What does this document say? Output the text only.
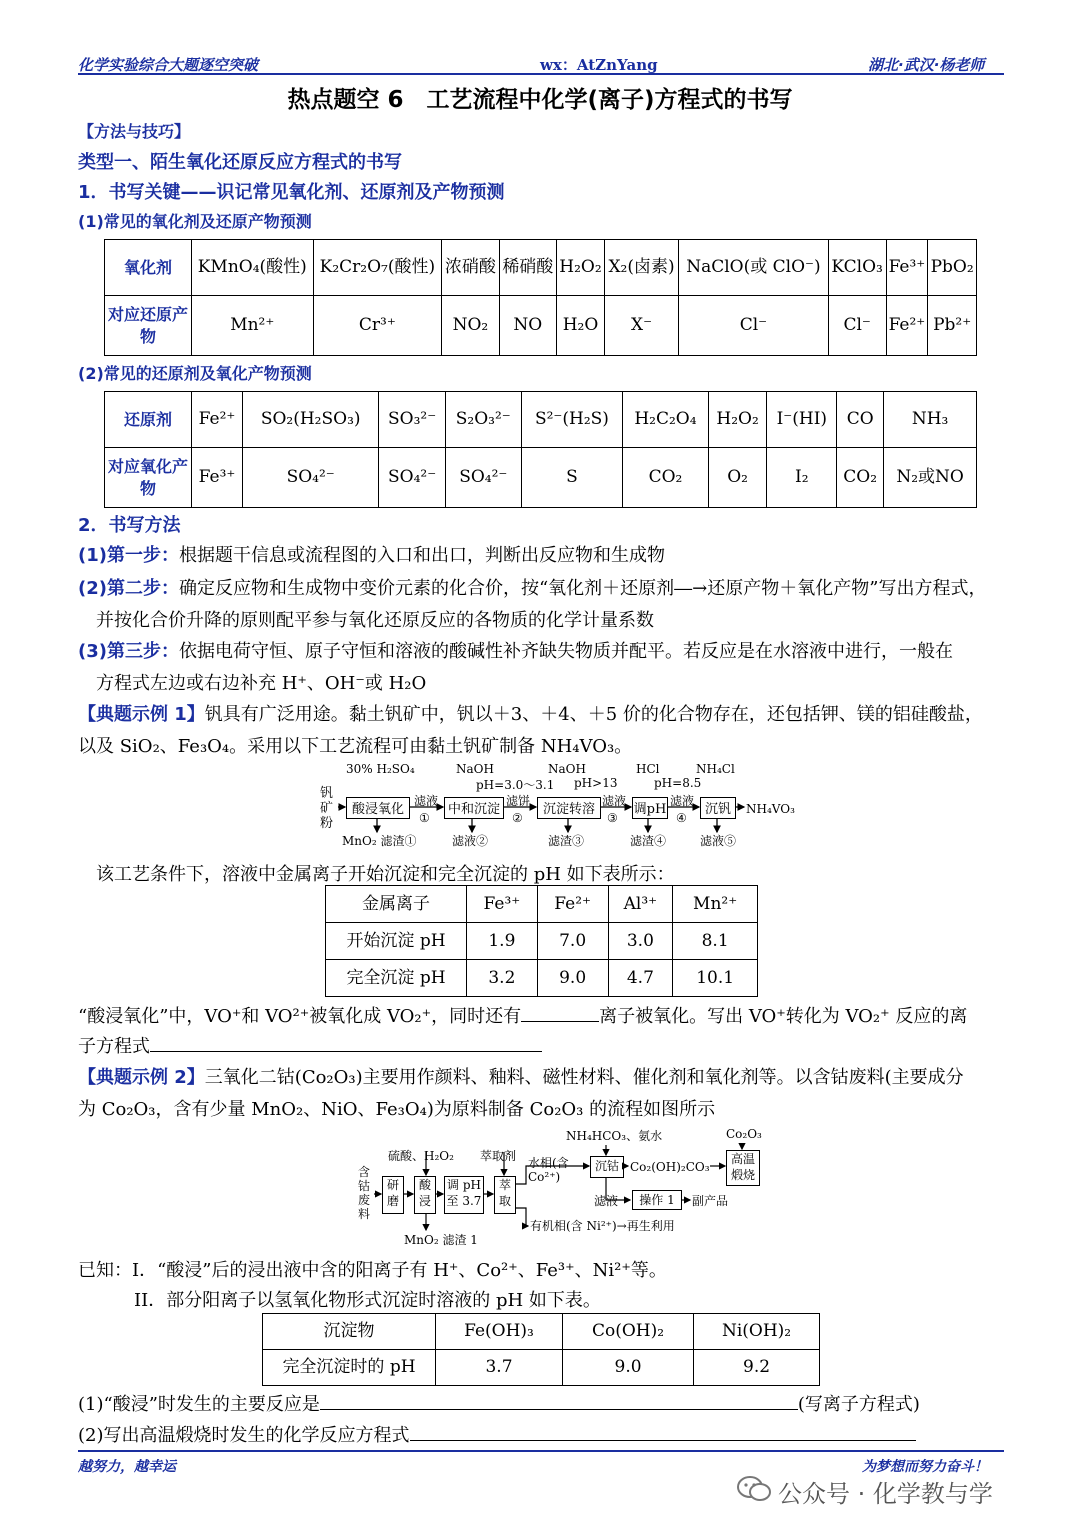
化学实验综合大题逐空突破	wx：AtZnYang	湖北·武汉·杨老师
热点题空 6　工艺流程中化学(离子)方程式的书写
【方法与技巧】
类型一、陌生氧化还原反应方程式的书写
1．书写关键——识记常见氧化剂、还原剂及产物预测
(1)常见的氧化剂及还原产物预测
氧化剂	KMnO₄(酸性)	K₂Cr₂O₇(酸性)	浓硝酸	稀硝酸	H₂O₂	X₂(卤素)	NaClO(或 ClO⁻)	KClO₃	Fe³⁺	PbO₂
对应还原产物	Mn²⁺	Cr³⁺	NO₂	NO	H₂O	X⁻	Cl⁻	Cl⁻	Fe²⁺	Pb²⁺
(2)常见的还原剂及氧化产物预测
还原剂	Fe²⁺	SO₂(H₂SO₃)	SO₃²⁻	S₂O₃²⁻	S²⁻(H₂S)	H₂C₂O₄	H₂O₂	I⁻(HI)	CO	NH₃
对应氧化产物	Fe³⁺	SO₄²⁻	SO₄²⁻	SO₄²⁻	S	CO₂	O₂	I₂	CO₂	N₂或NO
2．书写方法
(1)第一步：根据题干信息或流程图的入口和出口，判断出反应物和生成物
(2)第二步：确定反应物和生成物中变价元素的化合价，按“氧化剂＋还原剂―→还原产物＋氧化产物”写出方程式，
并按化合价升降的原则配平参与氧化还原反应的各物质的化学计量系数
(3)第三步：依据电荷守恒、原子守恒和溶液的酸碱性补齐缺失物质并配平。若反应是在水溶液中进行，一般在
方程式左边或右边补充 H⁺、OH⁻或 H₂O
【典题示例 1】钒具有广泛用途。黏土钒矿中，钒以＋3、＋4、＋5 价的化合物存在，还包括钾、镁的铝硅酸盐，
以及 SiO₂、Fe₃O₄。采用以下工艺流程可由黏土钒矿制备 NH₄VO₃。
钒矿粉
30% H₂SO₄	NaOH	NaOH	HCl	NH₄Cl
pH=3.0～3.1 pH>13	pH=8.5
酸浸氧化	中和沉淀	沉淀转溶	调pH	沉钒
滤液	滤饼	滤液	滤液
①	②	③	④
NH₄VO₃
MnO₂ 滤渣①	滤液②	滤渣③	滤渣④	滤液⑤
该工艺条件下，溶液中金属离子开始沉淀和完全沉淀的 pH 如下表所示：
金属离子	Fe³⁺	Fe²⁺	Al³⁺	Mn²⁺
开始沉淀 pH	1.9	7.0	3.0	8.1
完全沉淀 pH	3.2	9.0	4.7	10.1
“酸浸氧化”中，VO⁺和 VO²⁺被氧化成 VO₂⁺，同时还有	离子被氧化。写出 VO⁺转化为 VO₂⁺ 反应的离
子方程式
【典题示例 2】三氧化二钴(Co₂O₃)主要用作颜料、釉料、磁性材料、催化剂和氧化剂等。以含钴废料(主要成分
为 Co₂O₃，含有少量 MnO₂、NiO、Fe₃O₄)为原料制备 Co₂O₃ 的流程如图所示
含钴废料
硫酸、H₂O₂ 萃取剂
NH₄HCO₃、氨水	Co₂O₃
水相(含 Co²⁺)
研磨
酸浸
调 pH至 3.7
萃取
沉钴	高温煅烧
操作 1
Co₂(OH)₂CO₃
滤液	副产品
有机相(含 Ni²⁺)→再生利用
MnO₂ 滤渣 1
已知：I．“酸浸”后的浸出液中含的阳离子有 H⁺、Co²⁺、Fe³⁺、Ni²⁺等。
II．部分阳离子以氢氧化物形式沉淀时溶液的 pH 如下表。
沉淀物	Fe(OH)₃	Co(OH)₂	Ni(OH)₂
完全沉淀时的 pH	3.7	9.0	9.2
(1)“酸浸”时发生的主要反应是	(写离子方程式)
(2)写出高温煅烧时发生的化学反应方程式
越努力，越幸运	为梦想而努力奋斗！
公众号 · 化学教与学
